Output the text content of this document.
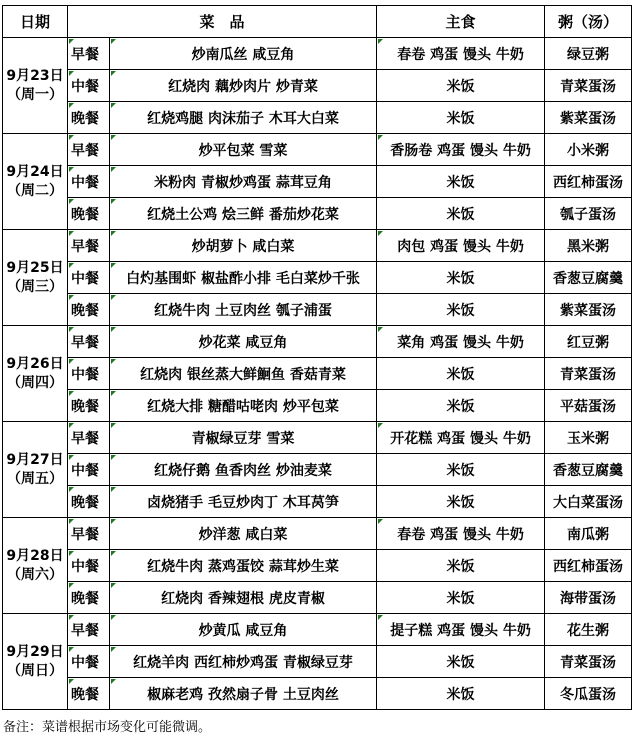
日期	菜　品		主食	粥（汤）

9月23日
（周一）	早餐	炒南瓜丝 咸豆角	春卷 鸡蛋 馒头 牛奶	绿豆粥
	中餐	红烧肉 藕炒肉片 炒青菜	米饭	青菜蛋汤
	晚餐	红烧鸡腿 肉沫茄子 木耳大白菜	米饭	紫菜蛋汤

9月24日
（周二）	早餐	炒平包菜 雪菜	香肠卷 鸡蛋 馒头 牛奶	小米粥
	中餐	米粉肉 青椒炒鸡蛋 蒜茸豆角	米饭	西红柿蛋汤
	晚餐	红烧土公鸡 烩三鲜 番茄炒花菜	米饭	瓠子蛋汤

9月25日
（周三）	早餐	炒胡萝卜 咸白菜	肉包 鸡蛋 馒头 牛奶	黑米粥
	中餐	白灼基围虾 椒盐酢小排 毛白菜炒千张	米饭	香葱豆腐羹
	晚餐	红烧牛肉 土豆肉丝 瓠子浦蛋	米饭	紫菜蛋汤

9月26日
（周四）	早餐	炒花菜 咸豆角	菜角 鸡蛋 馒头 牛奶	红豆粥
	中餐	红烧肉 银丝蒸大鲜鮰鱼 香菇青菜	米饭	青菜蛋汤
	晚餐	红烧大排 糖醋咕咾肉 炒平包菜	米饭	平菇蛋汤

9月27日
（周五）	早餐	青椒绿豆芽 雪菜	开花糕 鸡蛋 馒头 牛奶	玉米粥
	中餐	红烧仔鹅 鱼香肉丝 炒油麦菜	米饭	香葱豆腐羹
	晚餐	卤烧猪手 毛豆炒肉丁 木耳莴笋	米饭	大白菜蛋汤

9月28日
（周六）	早餐	炒洋葱 咸白菜	春卷 鸡蛋 馒头 牛奶	南瓜粥
	中餐	红烧牛肉 蒸鸡蛋饺 蒜茸炒生菜	米饭	西红柿蛋汤
	晚餐	红烧肉 香辣翅根 虎皮青椒	米饭	海带蛋汤

9月29日
（周日）	早餐	炒黄瓜 咸豆角	提子糕 鸡蛋 馒头 牛奶	花生粥
	中餐	红烧羊肉 西红柿炒鸡蛋 青椒绿豆芽	米饭	青菜蛋汤
	晚餐	椒麻老鸡 孜然扇子骨 土豆肉丝	米饭	冬瓜蛋汤
备注：菜谱根据市场变化可能微调。
